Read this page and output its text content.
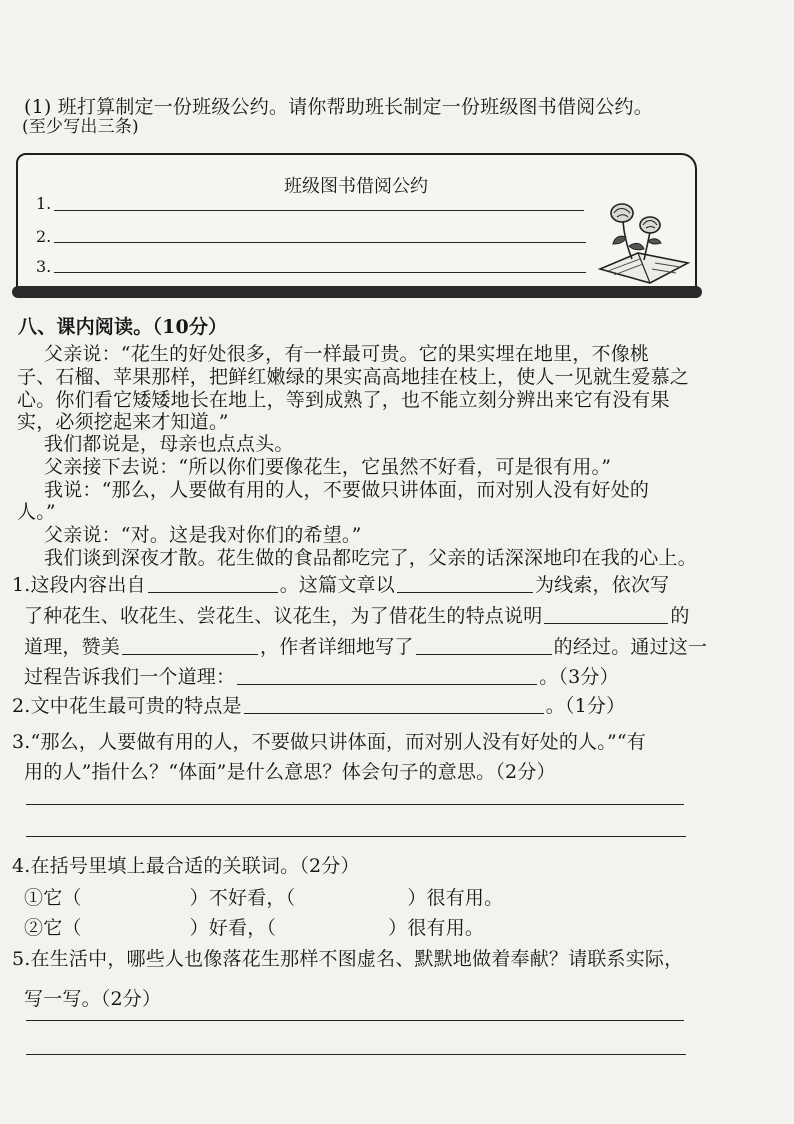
(1) 班打算制定一份班级公约。请你帮助班长制定一份班级图书借阅公约。
(至少写出三条)
班级图书借阅公约
1.
2.
3.
八、课内阅读。（10分）
父亲说：“花生的好处很多，有一样最可贵。它的果实埋在地里，不像桃
子、石榴、苹果那样，把鲜红嫩绿的果实高高地挂在枝上，使人一见就生爱慕之
心。你们看它矮矮地长在地上，等到成熟了，也不能立刻分辨出来它有没有果
实，必须挖起来才知道。”
我们都说是，母亲也点点头。
父亲接下去说：“所以你们要像花生，它虽然不好看，可是很有用。”
我说：“那么，人要做有用的人，不要做只讲体面，而对别人没有好处的
人。”
父亲说：“对。这是我对你们的希望。”
我们谈到深夜才散。花生做的食品都吃完了，父亲的话深深地印在我的心上。
1.这段内容出自	。这篇文章以	为线索，依次写
了种花生、收花生、尝花生、议花生，为了借花生的特点说明	的
道理，赞美	，作者详细地写了	的经过。通过这一
过程告诉我们一个道理：	。（3分）
2.文中花生最可贵的特点是	。（1分）
3.“那么，人要做有用的人，不要做只讲体面，而对别人没有好处的人。”“有
用的人”指什么？“体面”是什么意思？体会句子的意思。（2分）
4.在括号里填上最合适的关联词。（2分）
①它（	）不好看，（	）很有用。
②它（	）好看，（	）很有用。
5.在生活中，哪些人也像落花生那样不图虚名、默默地做着奉献？请联系实际，
写一写。（2分）
